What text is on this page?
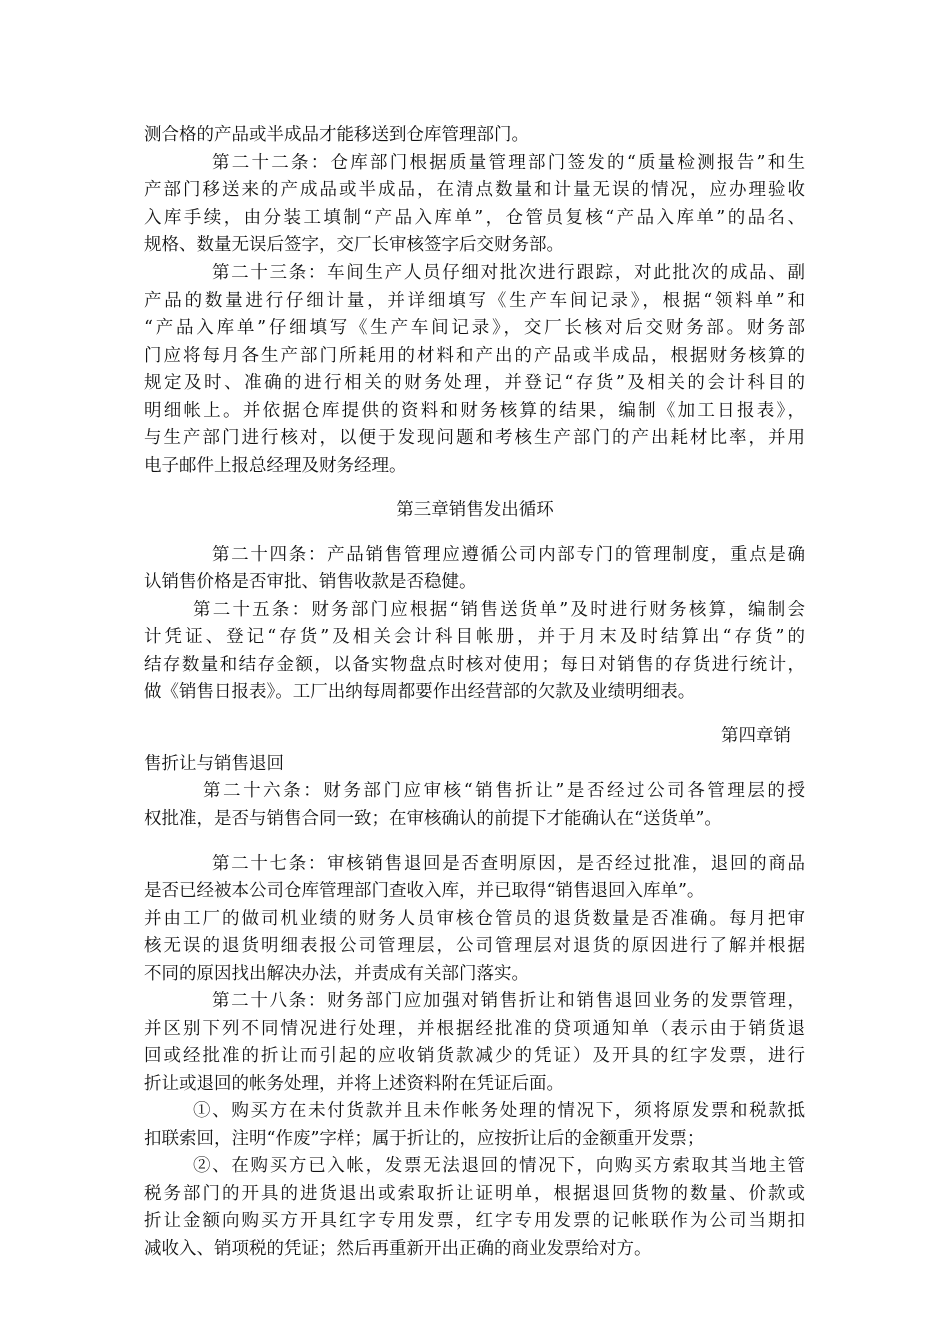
测合格的产品或半成品才能移送到仓库管理部门。
第二十二条：仓库部门根据质量管理部门签发的“质量检测报告”和生
产部门移送来的产成品或半成品，在清点数量和计量无误的情况，应办理验收
入库手续，由分装工填制“产品入库单”，仓管员复核“产品入库单”的品名、
规格、数量无误后签字，交厂长审核签字后交财务部。
第二十三条：车间生产人员仔细对批次进行跟踪，对此批次的成品、副
产品的数量进行仔细计量，并详细填写《生产车间记录》，根据“领料单”和
“产品入库单”仔细填写《生产车间记录》，交厂长核对后交财务部。财务部
门应将每月各生产部门所耗用的材料和产出的产品或半成品，根据财务核算的
规定及时、准确的进行相关的财务处理，并登记“存货”及相关的会计科目的
明细帐上。并依据仓库提供的资料和财务核算的结果，编制《加工日报表》，
与生产部门进行核对，以便于发现问题和考核生产部门的产出耗材比率，并用
电子邮件上报总经理及财务经理。
第三章销售发出循环
第二十四条：产品销售管理应遵循公司内部专门的管理制度，重点是确
认销售价格是否审批、销售收款是否稳健。
第二十五条：财务部门应根据“销售送货单”及时进行财务核算，编制会
计凭证、登记“存货”及相关会计科目帐册，并于月末及时结算出“存货”的
结存数量和结存金额，以备实物盘点时核对使用；每日对销售的存货进行统计，
做《销售日报表》。工厂出纳每周都要作出经营部的欠款及业绩明细表。
第四章销
售折让与销售退回
第二十六条：财务部门应审核“销售折让”是否经过公司各管理层的授
权批准，是否与销售合同一致；在审核确认的前提下才能确认在“送货单”。
第二十七条：审核销售退回是否查明原因，是否经过批准，退回的商品
是否已经被本公司仓库管理部门查收入库，并已取得“销售退回入库单”。
并由工厂的做司机业绩的财务人员审核仓管员的退货数量是否准确。每月把审
核无误的退货明细表报公司管理层，公司管理层对退货的原因进行了解并根据
不同的原因找出解决办法，并责成有关部门落实。
第二十八条：财务部门应加强对销售折让和销售退回业务的发票管理，
并区别下列不同情况进行处理，并根据经批准的贷项通知单（表示由于销货退
回或经批准的折让而引起的应收销货款减少的凭证）及开具的红字发票，进行
折让或退回的帐务处理，并将上述资料附在凭证后面。
①、购买方在未付货款并且未作帐务处理的情况下，须将原发票和税款抵
扣联索回，注明“作废”字样；属于折让的，应按折让后的金额重开发票；
②、在购买方已入帐，发票无法退回的情况下，向购买方索取其当地主管
税务部门的开具的进货退出或索取折让证明单，根据退回货物的数量、价款或
折让金额向购买方开具红字专用发票，红字专用发票的记帐联作为公司当期扣
减收入、销项税的凭证；然后再重新开出正确的商业发票给对方。
